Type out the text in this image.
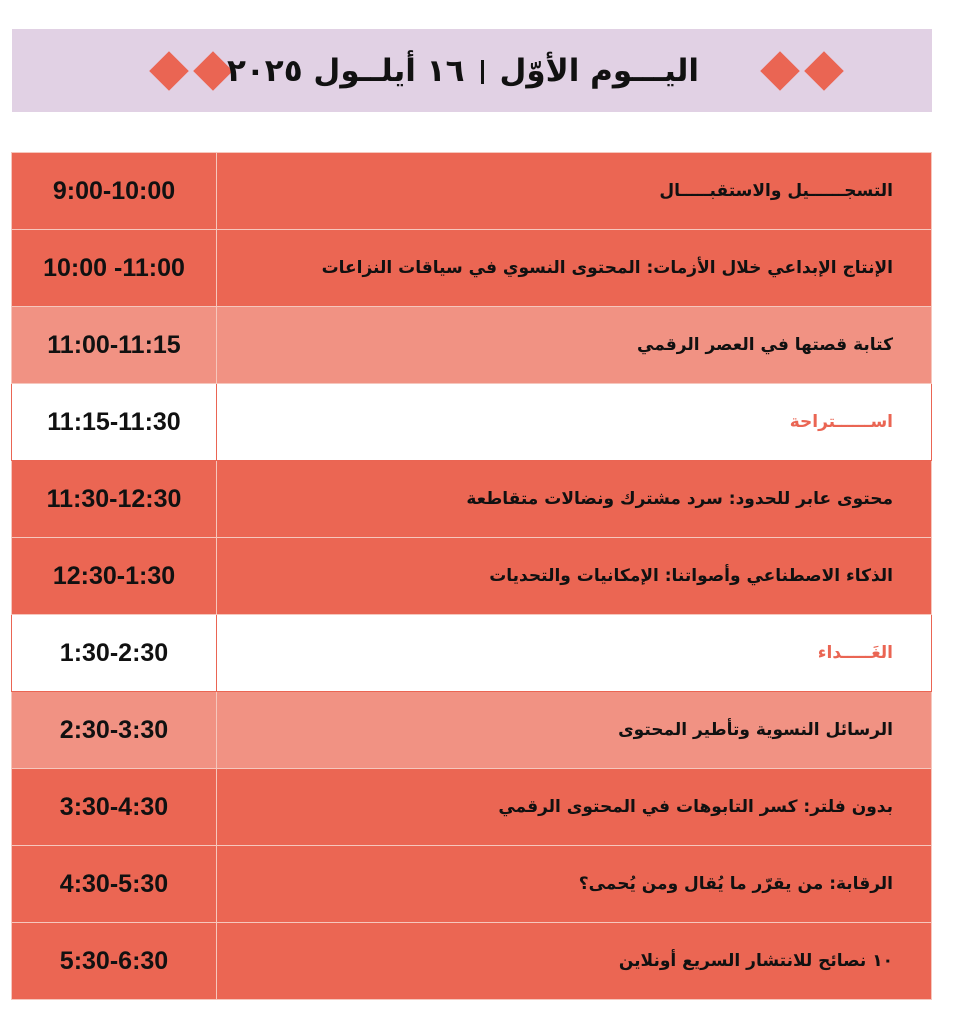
اليـــوم الأوّل١٦ أيلــول ٢٠٢٥
9:00-10:00	التسجــــــيل والاستقبـــــال
10:00 -11:00	الإنتاج الإبداعي خلال الأزمات: المحتوى النسوي في سياقات النزاعات
11:00-11:15	كتابة قصتها في العصر الرقمي
11:15-11:30	اســــــتراحة
11:30-12:30	محتوى عابر للحدود: سرد مشترك ونضالات متقاطعة
12:30-1:30	الذكاء الاصطناعي وأصواتنا: الإمكانيات والتحديات
1:30-2:30	الغَـــــداء
2:30-3:30	الرسائل النسوية وتأطير المحتوى
3:30-4:30	بدون فلتر: كسر التابوهات في المحتوى الرقمي
4:30-5:30	الرقابة: من يقرّر ما يُقال ومن يُحمى؟
5:30-6:30	١٠ نصائح للانتشار السريع أونلاين
